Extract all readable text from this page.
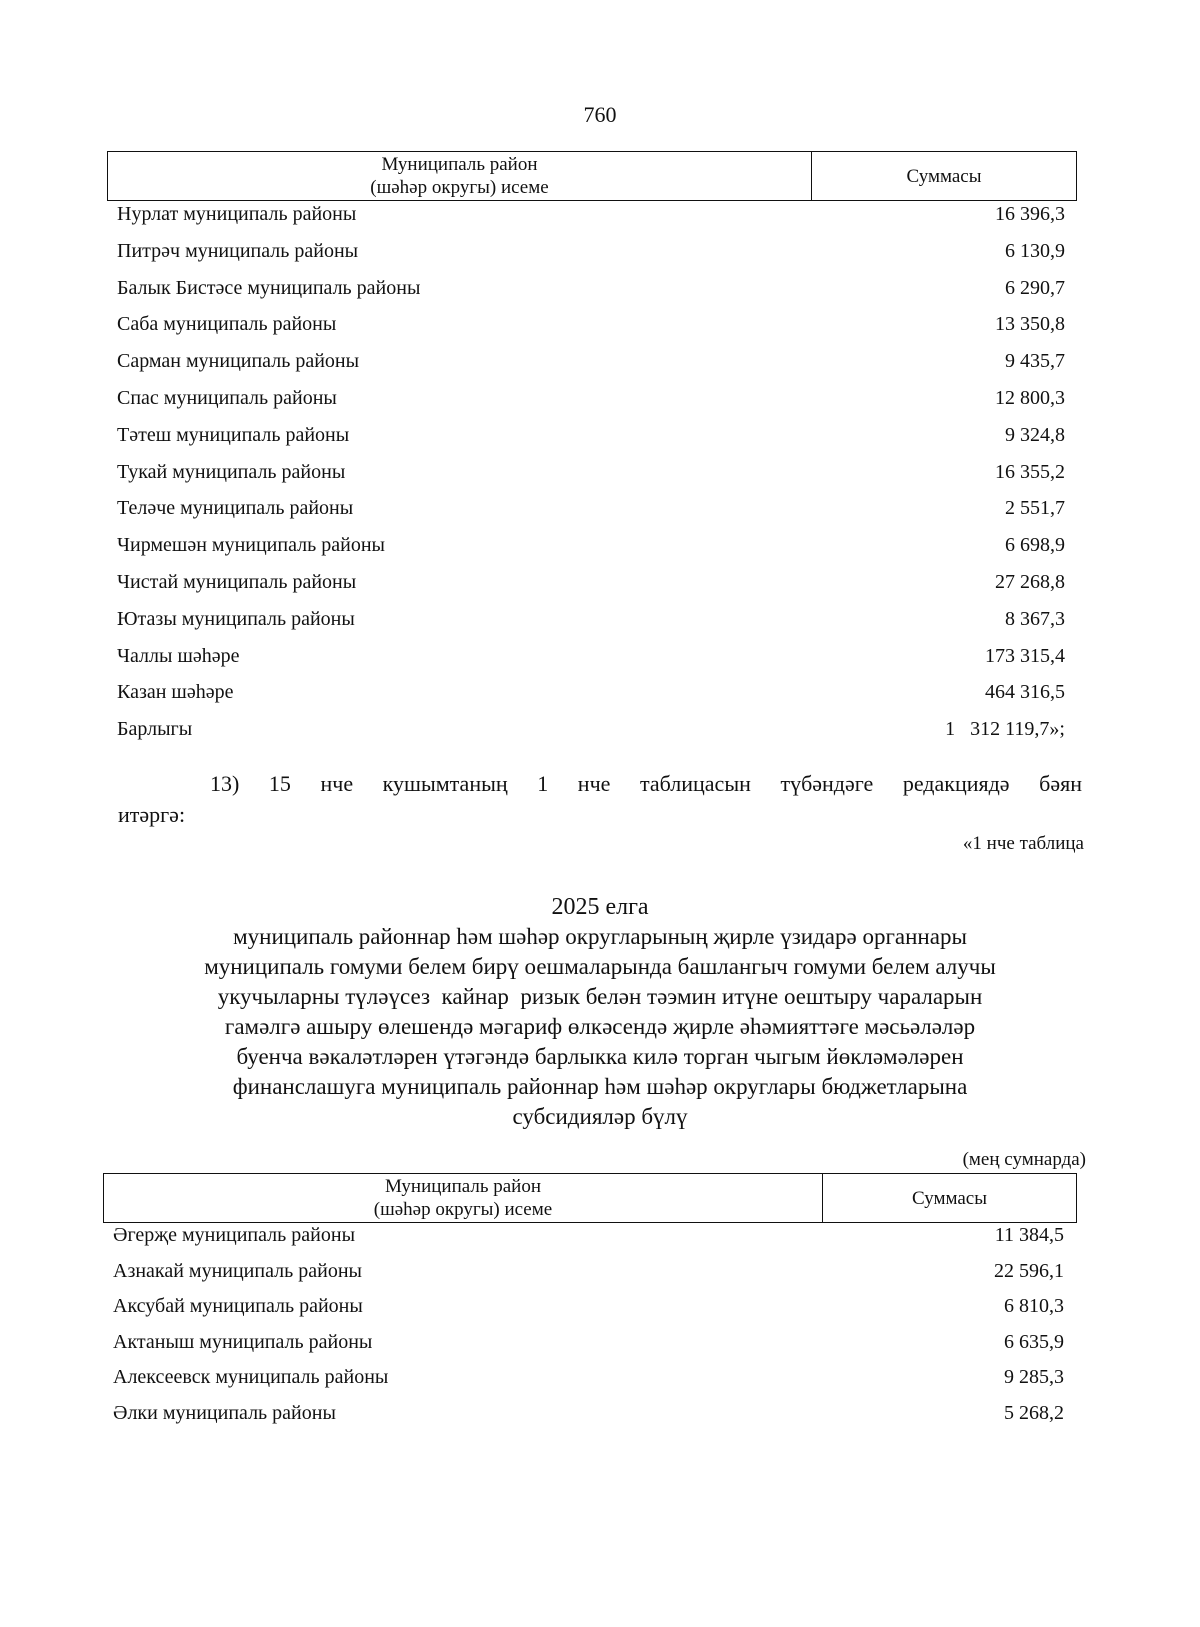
760
Муниципаль район
(шәһәр округы) исеме
	Суммасы
Нурлат муниципаль районы	16 396,3
Питрәч муниципаль районы	6 130,9
Балык Бистәсе муниципаль районы	6 290,7
Саба муниципаль районы	13 350,8
Сарман муниципаль районы	9 435,7
Спас муниципаль районы	12 800,3
Тәтеш муниципаль районы	9 324,8
Тукай муниципаль районы	16 355,2
Теләче муниципаль районы	2 551,7
Чирмешән муниципаль районы	6 698,9
Чистай муниципаль районы	27 268,8
Ютазы муниципаль районы	8 367,3
Чаллы шәһәре	173 315,4
Казан шәһәре	464 316,5
Барлыгы	1   312 119,7»;
13) 15 нче кушымтаның 1 нче таблицасын түбәндәге редакциядә бәян
итәргә:
«1 нче таблица
2025 елга
муниципаль районнар һәм шәһәр округларының җирле үзидарә органнары
муниципаль гомуми белем бирү оешмаларында башлангыч гомуми белем алучы
укучыларны түләүсез  кайнар  ризык белән тәэмин итүне оештыру чараларын
гамәлгә ашыру өлешендә мәгариф өлкәсендә җирле әһәмияттәге мәсьәләләр
буенча вәкаләтләрен үтәгәндә барлыкка килә торган чыгым йөкләмәләрен
финанслашуга муниципаль районнар һәм шәһәр округлары бюджетларына
субсидияләр бүлү
(мең сумнарда)
Муниципаль район
(шәһәр округы) исеме
	Суммасы
Әгерҗе муниципаль районы	11 384,5
Азнакай муниципаль районы	22 596,1
Аксубай муниципаль районы	6 810,3
Актаныш муниципаль районы	6 635,9
Алексеевск муниципаль районы	9 285,3
Әлки муниципаль районы	5 268,2
